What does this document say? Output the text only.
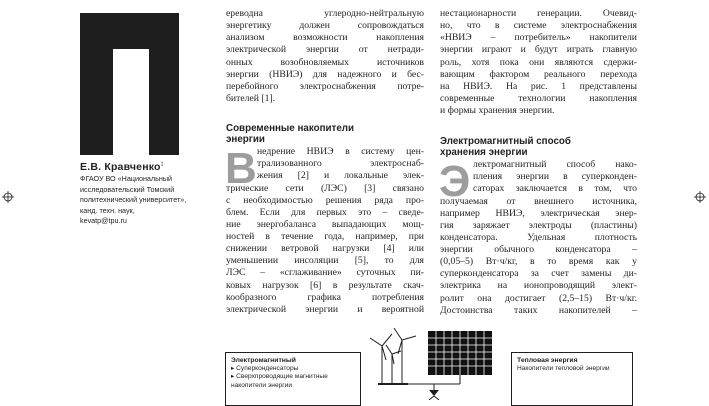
Е.В. Кравченко$^1$
ФГАОУ ВО «Национальный
исследовательский Томский
политехнический университет»,
канд. техн. наук,
kevatp@tpu.ru
ереводна углеродно-нейтральную
энергетику должен сопровождаться
анализом возможности накопления
электрической энергии от нетради-
онных возобновляемых источников
энергии (НВИЭ) для надежного и бес-
перебойного электроснабжения потре-
бителей [1].
Современные накопители
энергии
В недрение НВИЭ в систему цен-
трализованного электроснаб-
жения [2] и локальные элек-
трические сети (ЛЭС) [3] связано
с необходимостью решения ряда про-
блем. Если для первых это – сведе-
ние энергобаланса выпадающих мощ-
ностей в течение года, например, при
снижении ветровой нагрузки [4] или
уменьшении инсоляции [5], то для
ЛЭС – «сглаживание» суточных пи-
ковых нагрузок [6] в результате скач-
кообразного графика потребления
электрической энергии и вероятной
нестационарности генерации. Очевид-
но, что в системе электроснабжения
«НВИЭ – потребитель» накопители
энергии играют и будут играть главную
роль, хотя пока они являются сдержи-
вающим фактором реального перехода
на НВИЭ. На рис. 1 представлены
современные технологии накопления
и формы хранения энергии.
Электромагнитный способ
хранения энергии
Э лектромагнитный способ нако-
пления энергии в суперконден-
саторах заключается в том, что
получаемая от внешнего источника,
например НВИЭ, электрическая энер-
гия заряжает электроды (пластины)
конденсатора. Удельная плотность
энергии обычного конденсатора –
(0,05–5) Вт·ч/кг, в то время как у
суперконденсатора за счет замены ди-
электрика на ионопроводящий элект-
ролит она достигает (2,5–15) Вт·ч/кг.
Достоинства таких накопителей –
Электромагнитный
▸ Суперконденсаторы
▸ Сверхпроводящие магнитные
накопители энергии
Тепловая энергия
Накопители тепловой энергии
